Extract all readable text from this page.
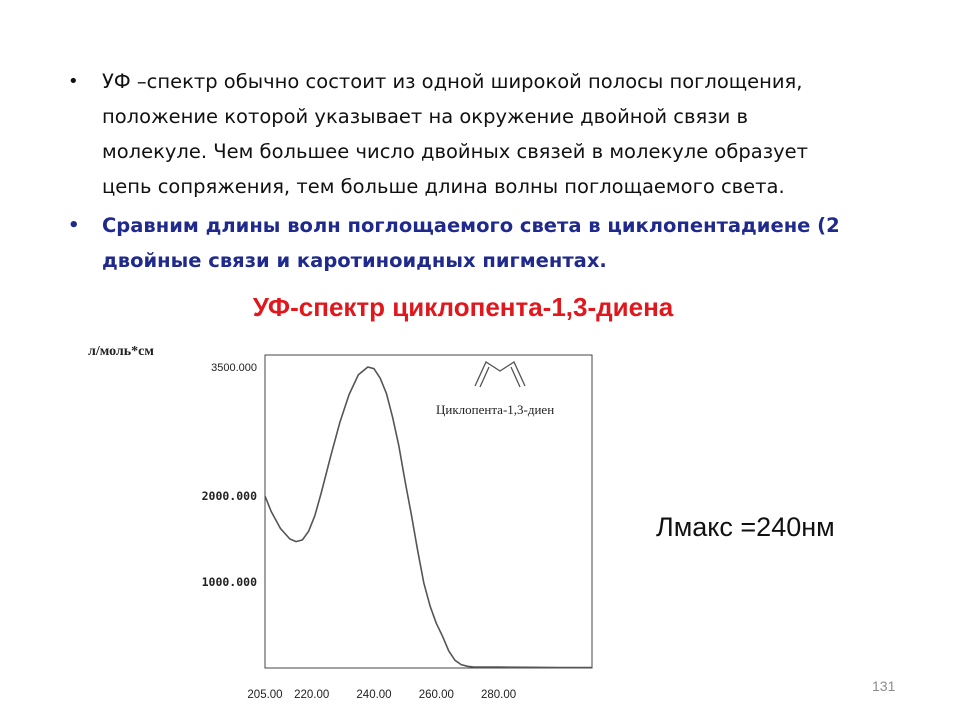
• УФ –спектр обычно состоит из одной широкой полосы поглощения,
положение которой указывает на окружение двойной связи в
молекуле. Чем большее число двойных связей в молекуле образует
цепь сопряжения, тем больше длина волны поглощаемого света.
• Сравним длины волн поглощаемого света в циклопентадиене (2
двойные связи и каротиноидных пигментах.
УФ-спектр циклопента-1,3-диена
л/моль*см
3500.000
2000.000
1000.000
205.00 220.00 240.00 260.00 280.00
Циклопента-1,3-диен
Лмакс =240нм
131
